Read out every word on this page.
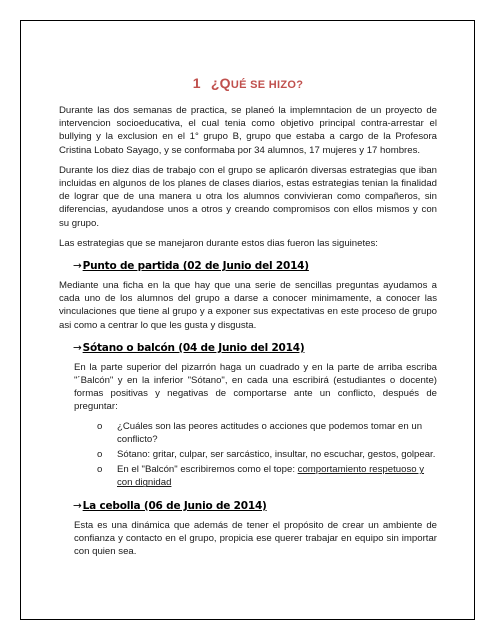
1 ¿QUÉ SE HIZO?

Durante las dos semanas de practica, se planeó la implemntacion de un proyecto de intervencion socioeducativa, el cual tenia como objetivo principal contra-arrestar el bullying y la exclusion en el 1° grupo B, grupo que estaba a cargo de la Profesora Cristina Lobato Sayago, y se conformaba por 34 alumnos, 17 mujeres y 17 hombres.

Durante los diez dias de trabajo con el grupo se aplicarón diversas estrategias que iban incluidas en algunos de los planes de clases diarios, estas estrategias tenian la finalidad de lograr que de una manera u otra los alumnos convivieran como compañeros, sin diferencias, ayudandose unos a otros y creando compromisos con ellos mismos y con su grupo.

Las estrategias que se manejaron durante estos dias fueron las siguinetes:

→Punto de partida (02 de Junio del 2014)

Mediante una ficha en la que hay que una serie de sencillas preguntas ayudamos a cada uno de los alumnos del grupo a darse a conocer minimamente, a conocer las vinculaciones que tiene al grupo y a exponer sus expectativas en este proceso de grupo asi como a centrar lo que les gusta y disgusta.

→Sótano o balcón (04 de Junio del 2014)

En la parte superior del pizarrón haga un cuadrado y en la parte de arriba escriba "´Balcón" y en la inferior "Sótano", en cada una escribirá (estudiantes o docente) formas positivas y negativas de comportarse ante un conflicto, después de preguntar:

o ¿Cuáles son las peores actitudes o acciones que podemos tomar en un conflicto?
o Sótano: gritar, culpar, ser sarcástico, insultar, no escuchar, gestos, golpear.
o En el "Balcón" escribiremos como el tope: comportamiento respetuoso y con dignidad
→La cebolla (06 de Junio de 2014)

Esta es una dinámica que además de tener el propósito de crear un ambiente de confianza y contacto en el grupo, propicia ese querer trabajar en equipo sin importar con quien sea.
